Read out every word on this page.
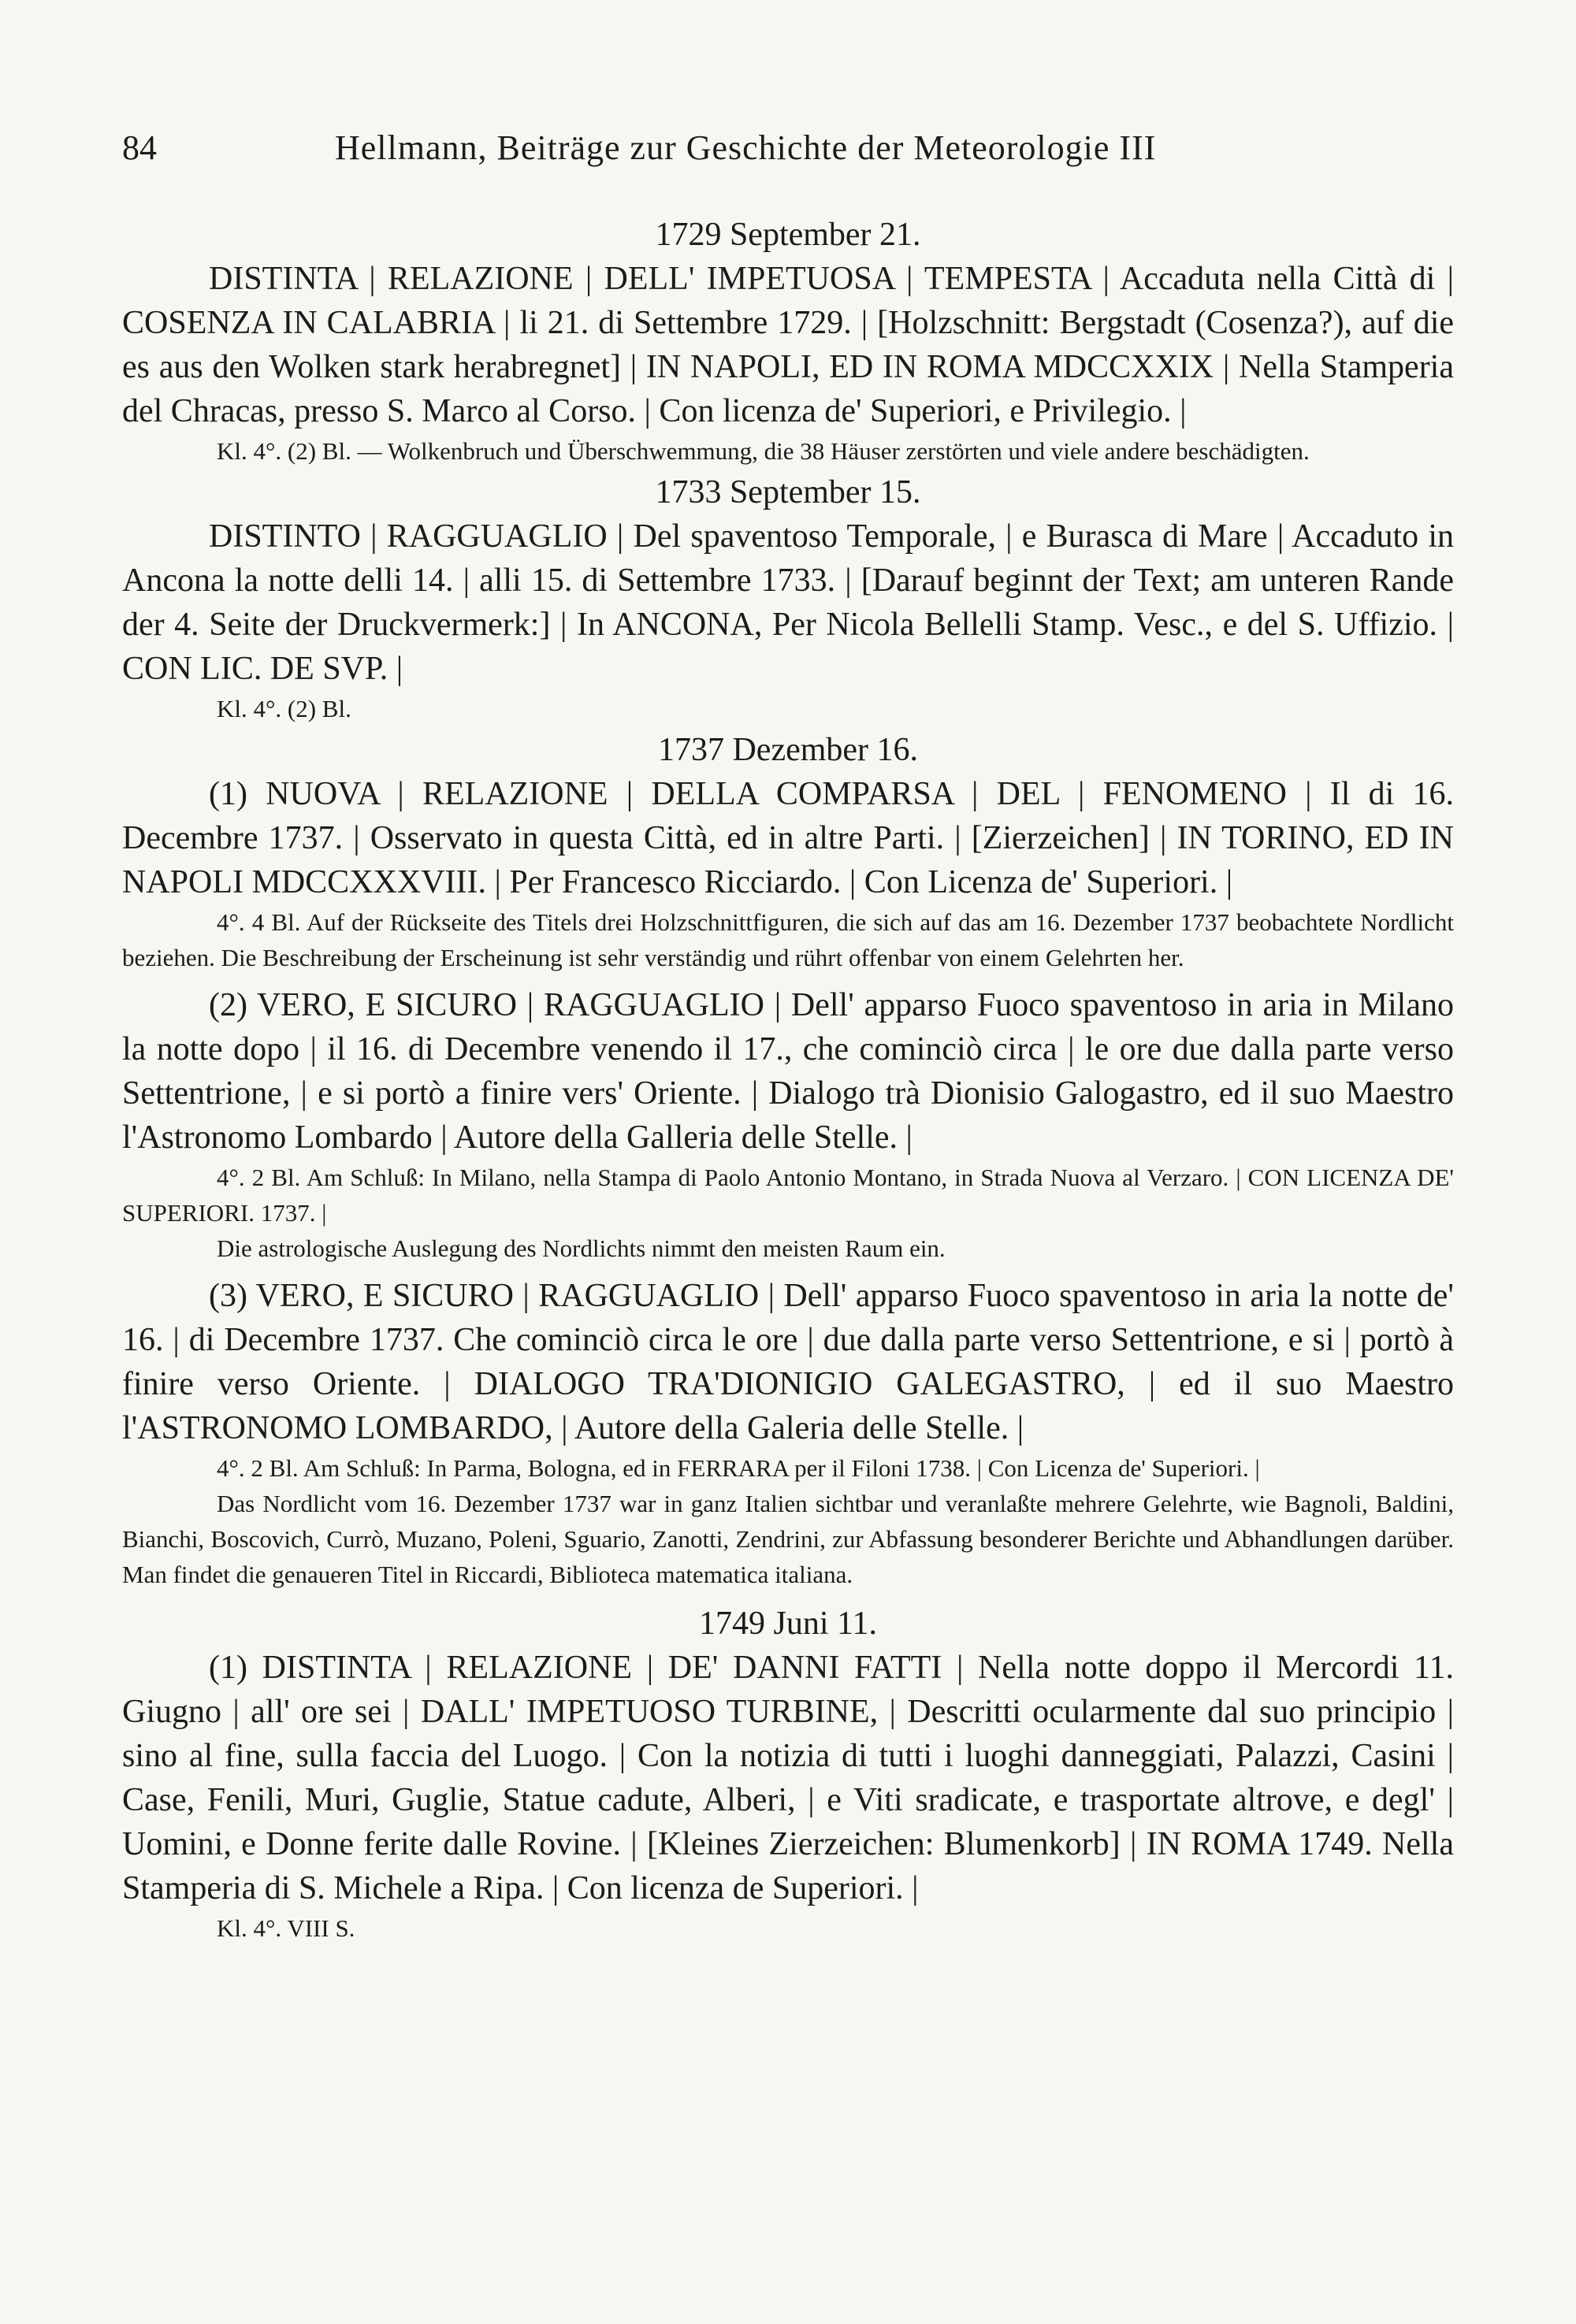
84	Hellmann, Beiträge zur Geschichte der Meteorologie III

1729 September 21.

DISTINTA | RELAZIONE | DELL' IMPETUOSA | TEMPESTA | Accaduta nella Città di | COSENZA IN CALABRIA | li 21. di Settembre 1729. | [Holzschnitt: Bergstadt (Cosenza?), auf die es aus den Wolken stark herabregnet] | IN NAPOLI, ED IN ROMA MDCCXXIX | Nella Stamperia del Chracas, presso S. Marco al Corso. | Con licenza de' Superiori, e Privilegio. |

Kl. 4°. (2) Bl. — Wolkenbruch und Überschwemmung, die 38 Häuser zerstörten und viele andere beschädigten.

1733 September 15.

DISTINTO | RAGGUAGLIO | Del spaventoso Temporale, | e Burasca di Mare | Accaduto in Ancona la notte delli 14. | alli 15. di Settembre 1733. | [Darauf beginnt der Text; am unteren Rande der 4. Seite der Druckvermerk:] | In ANCONA, Per Nicola Bellelli Stamp. Vesc., e del S. Uffizio. | CON LIC. DE SVP. |

Kl. 4°. (2) Bl.

1737 Dezember 16.

(1) NUOVA | RELAZIONE | DELLA COMPARSA | DEL | FENOMENO | Il di 16. Decembre 1737. | Osservato in questa Città, ed in altre Parti. | [Zierzeichen] | IN TORINO, ED IN NAPOLI MDCCXXXVIII. | Per Francesco Ricciardo. | Con Licenza de' Superiori. |

4°. 4 Bl. Auf der Rückseite des Titels drei Holzschnittfiguren, die sich auf das am 16. Dezember 1737 beobachtete Nordlicht beziehen. Die Beschreibung der Erscheinung ist sehr verständig und rührt offenbar von einem Gelehrten her.

(2) VERO, E SICURO | RAGGUAGLIO | Dell' apparso Fuoco spaventoso in aria in Milano la notte dopo | il 16. di Decembre venendo il 17., che cominciò circa | le ore due dalla parte verso Settentrione, | e si portò a finire vers' Oriente. | Dialogo trà Dionisio Galogastro, ed il suo Maestro l'Astronomo Lombardo | Autore della Galleria delle Stelle. |

4°. 2 Bl. Am Schluß: In Milano, nella Stampa di Paolo Antonio Montano, in Strada Nuova al Verzaro. | CON LICENZA DE' SUPERIORI. 1737. |

Die astrologische Auslegung des Nordlichts nimmt den meisten Raum ein.

(3) VERO, E SICURO | RAGGUAGLIO | Dell' apparso Fuoco spaventoso in aria la notte de' 16. | di Decembre 1737. Che cominciò circa le ore | due dalla parte verso Settentrione, e si | portò à finire verso Oriente. | DIALOGO TRA'DIONIGIO GALEGASTRO, | ed il suo Maestro l'ASTRONOMO LOMBARDO, | Autore della Galeria delle Stelle. |

4°. 2 Bl. Am Schluß: In Parma, Bologna, ed in FERRARA per il Filoni 1738. | Con Licenza de' Superiori. |

Das Nordlicht vom 16. Dezember 1737 war in ganz Italien sichtbar und veranlaßte mehrere Gelehrte, wie Bagnoli, Baldini, Bianchi, Boscovich, Currò, Muzano, Poleni, Sguario, Zanotti, Zendrini, zur Abfassung besonderer Berichte und Abhandlungen darüber. Man findet die genaueren Titel in Riccardi, Biblioteca matematica italiana.

1749 Juni 11.

(1) DISTINTA | RELAZIONE | DE' DANNI FATTI | Nella notte doppo il Mercordi 11. Giugno | all' ore sei | DALL' IMPETUOSO TURBINE, | Descritti ocularmente dal suo principio | sino al fine, sulla faccia del Luogo. | Con la notizia di tutti i luoghi danneggiati, Palazzi, Casini | Case, Fenili, Muri, Guglie, Statue cadute, Alberi, | e Viti sradicate, e trasportate altrove, e degl' | Uomini, e Donne ferite dalle Rovine. | [Kleines Zierzeichen: Blumenkorb] | IN ROMA 1749. Nella Stamperia di S. Michele a Ripa. | Con licenza de Superiori. |

Kl. 4°. VIII S.
